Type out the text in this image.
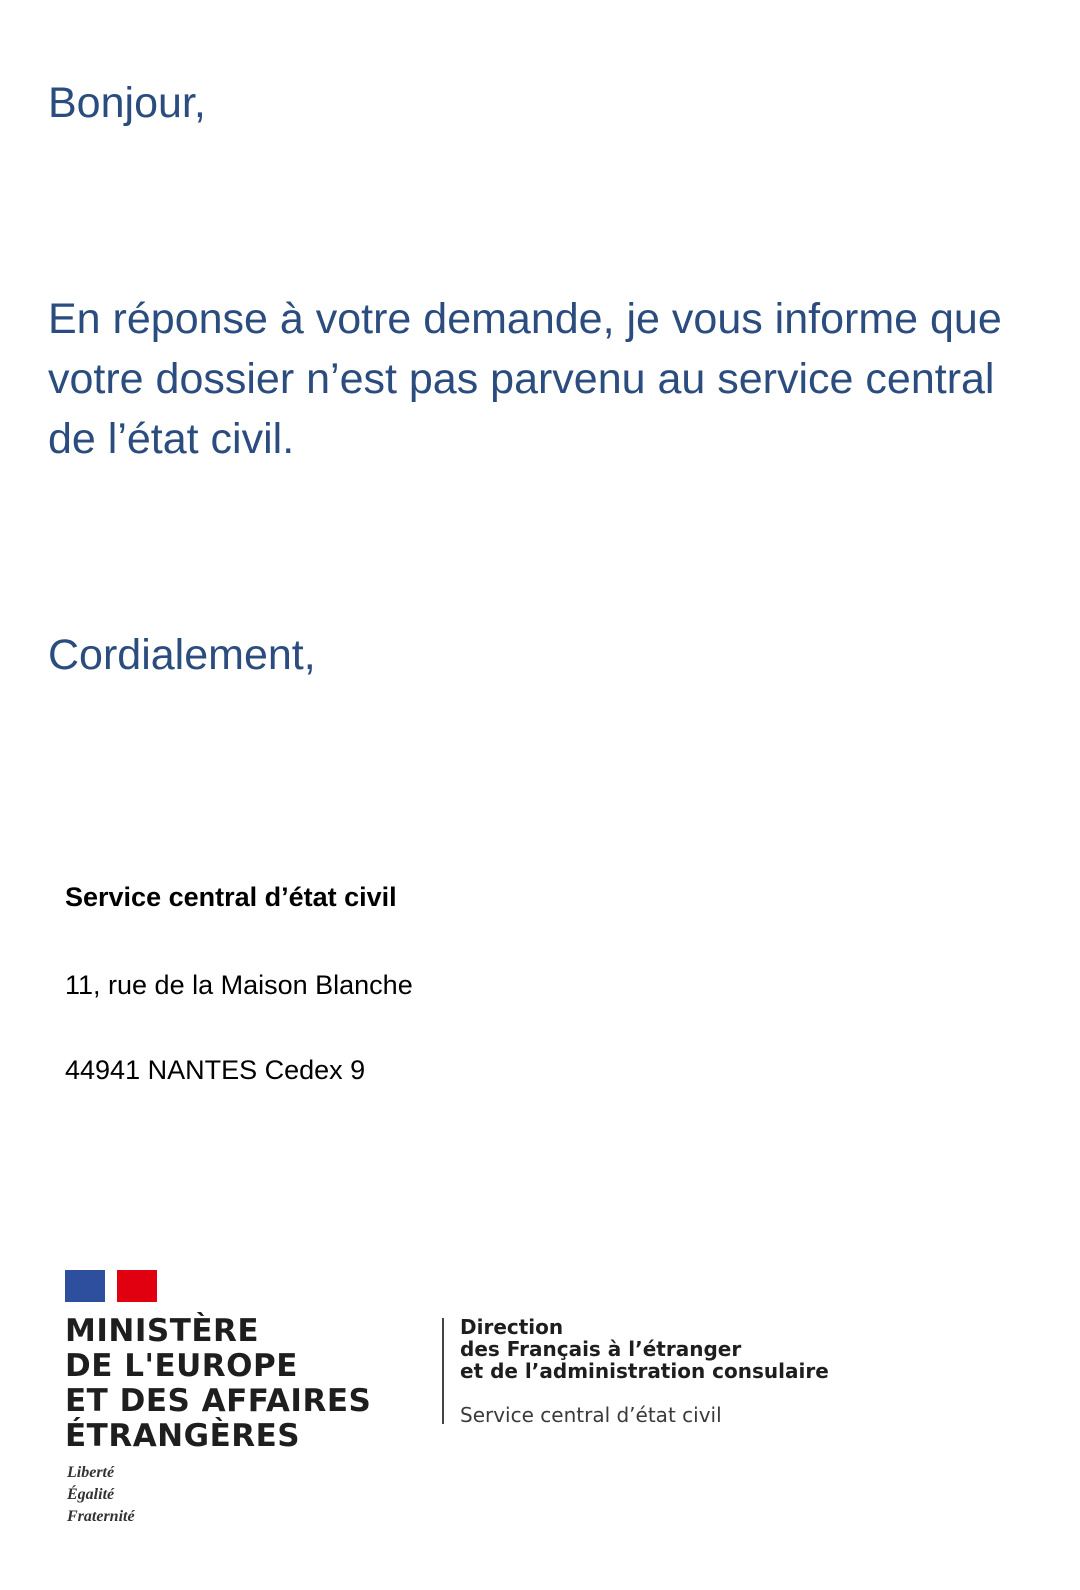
Bonjour,

En réponse à votre demande, je vous informe que votre dossier n’est pas parvenu au service central de l’état civil.

Cordialement,

Service central d’état civil

11, rue de la Maison Blanche

44941 NANTES Cedex 9

MINISTÈRE
DE L'EUROPE
ET DES AFFAIRES
ÉTRANGÈRES

Liberté
Égalité
Fraternité
Direction
des Français à l’étranger
et de l’administration consulaire
Service central d’état civil
